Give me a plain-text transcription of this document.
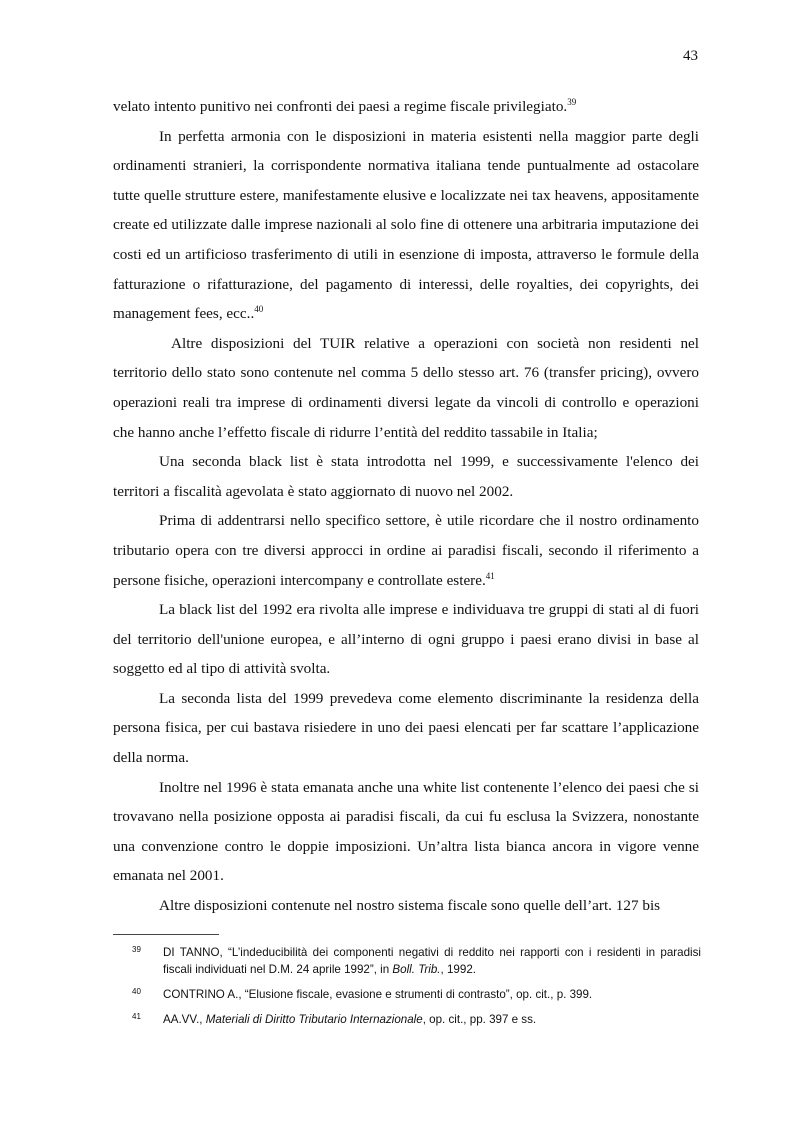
43

velato intento punitivo nei confronti dei paesi a regime fiscale privilegiato.$^{39}$

In perfetta armonia con le disposizioni in materia esistenti nella maggior parte degli ordinamenti stranieri, la corrispondente normativa italiana tende puntualmente ad ostacolare tutte quelle strutture estere, manifestamente elusive e localizzate nei tax heavens, appositamente create ed utilizzate dalle imprese nazionali al solo fine di ottenere una arbitraria imputazione dei costi ed un artificioso trasferimento di utili in esenzione di imposta, attraverso le formule della fatturazione o rifatturazione, del pagamento di interessi, delle royalties, dei copyrights, dei management fees, ecc..$^{40}$

Altre disposizioni del TUIR relative a operazioni con società non residenti nel territorio dello stato sono contenute nel comma 5 dello stesso art. 76 (transfer pricing), ovvero operazioni reali tra imprese di ordinamenti diversi legate da vincoli di controllo e operazioni che hanno anche l’effetto fiscale di ridurre l’entità del reddito tassabile in Italia;

Una seconda black list è stata introdotta nel 1999, e successivamente l'elenco dei territori a fiscalità agevolata è stato aggiornato di nuovo nel 2002.

Prima di addentrarsi nello specifico settore, è utile ricordare che il nostro ordinamento tributario opera con tre diversi approcci in ordine ai paradisi fiscali, secondo il riferimento a persone fisiche, operazioni intercompany e controllate estere.$^{41}$

La black list del 1992 era rivolta alle imprese e individuava tre gruppi di stati al di fuori del territorio dell'unione europea, e all’interno di ogni gruppo i paesi erano divisi in base al soggetto ed al tipo di attività svolta.

La seconda lista del 1999 prevedeva come elemento discriminante la residenza della persona fisica, per cui bastava risiedere in uno dei paesi elencati per far scattare l’applicazione della norma.

Inoltre nel 1996 è stata emanata anche una white list contenente l’elenco dei paesi che si trovavano nella posizione opposta ai paradisi fiscali, da cui fu esclusa la Svizzera, nonostante una convenzione contro le doppie imposizioni. Un’altra lista bianca ancora in vigore venne emanata nel 2001.

Altre disposizioni contenute nel nostro sistema fiscale sono quelle dell’art. 127 bis

39	DI TANNO, “L’indeducibilità dei componenti negativi di reddito nei rapporti con i residenti in paradisi fiscali individuati nel D.M. 24 aprile 1992”, in Boll. Trib., 1992.
40	CONTRINO A., “Elusione fiscale, evasione e strumenti di contrasto”, op. cit., p. 399.
41	AA.VV., Materiali di Diritto Tributario Internazionale, op. cit., pp. 397 e ss.
